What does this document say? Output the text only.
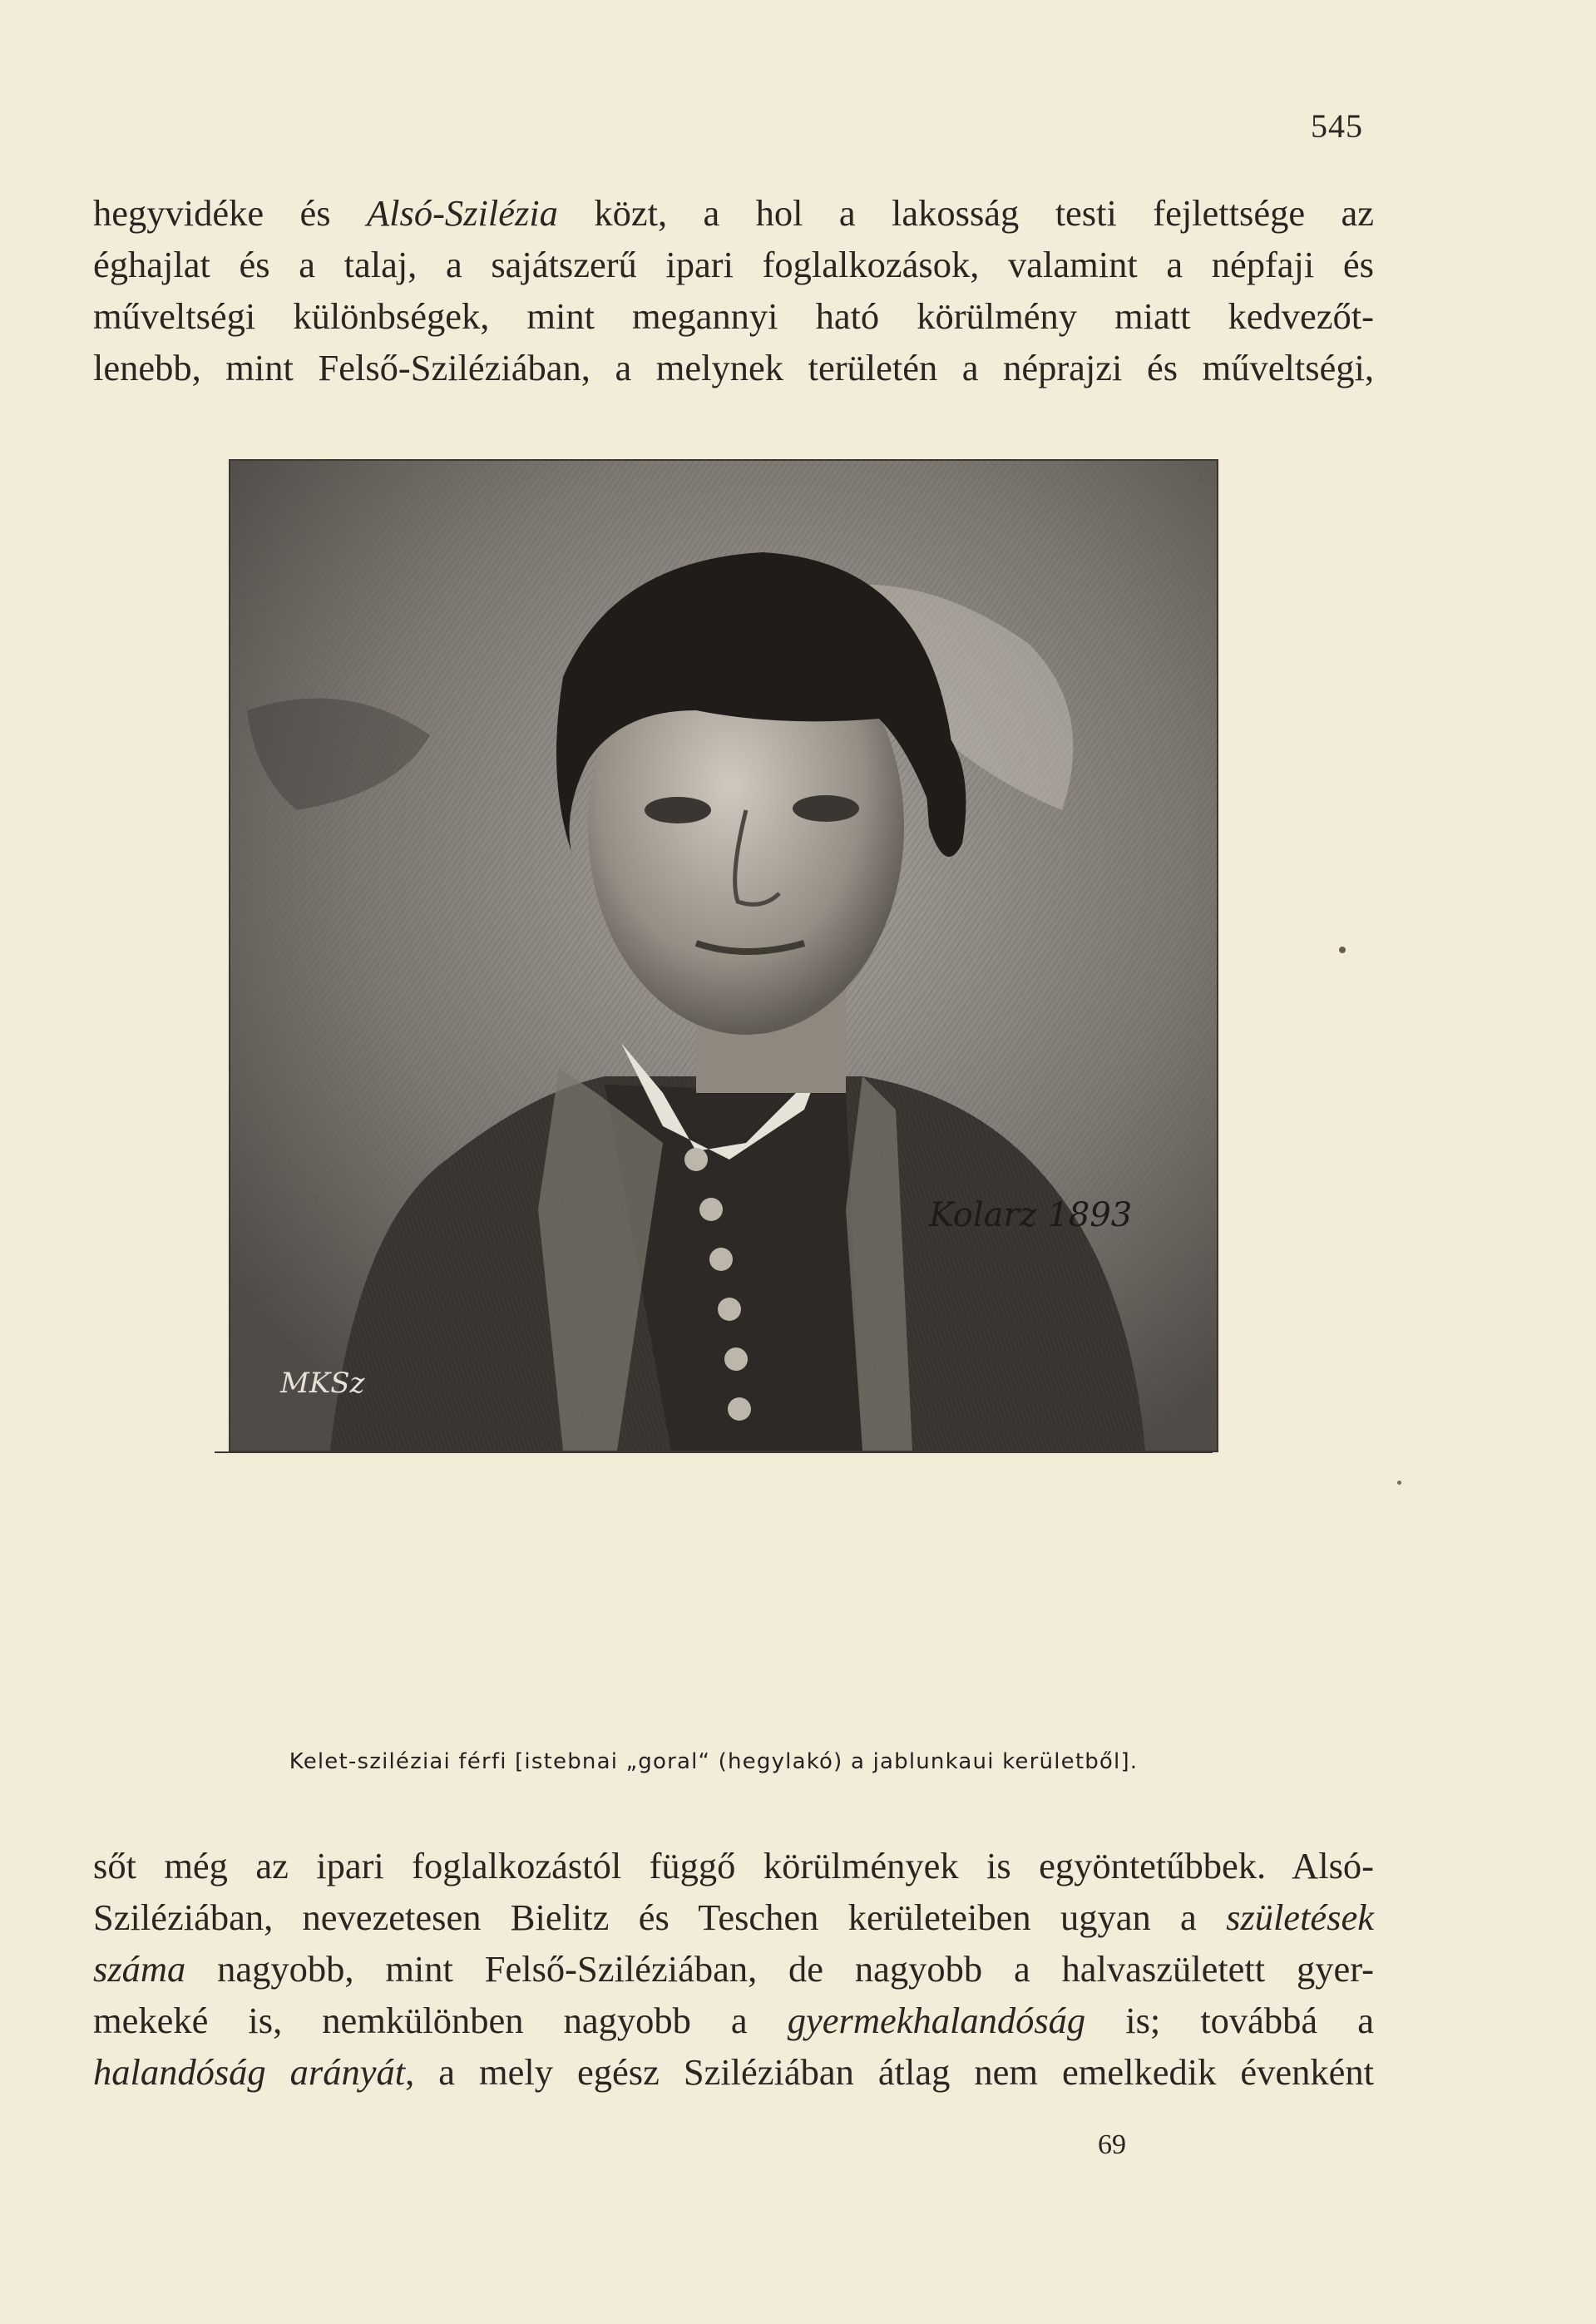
545
hegyvidéke és Alsó-Szilézia közt, a hol a lakosság testi fejlettsége az
éghajlat és a talaj, a sajátszerű ipari foglalkozások, valamint a népfaji és
műveltségi különbségek, mint megannyi ható körülmény miatt kedvezőt-
lenebb, mint Felső-Sziléziában, a melynek területén a néprajzi és műveltségi,
Kolarz 1893
MKSz
Kelet-sziléziai férfi [istebnai „goral“ (hegylakó) a jablunkaui kerületből].
sőt még az ipari foglalkozástól függő körülmények is egyöntetűbbek. Alsó-
Sziléziában, nevezetesen Bielitz és Teschen kerületeiben ugyan a születések
száma nagyobb, mint Felső-Sziléziában, de nagyobb a halvaszületett gyer-
mekeké is, nemkülönben nagyobb a gyermekhalandóság is; továbbá a
halandóság arányát, a mely egész Sziléziában átlag nem emelkedik évenként
69
